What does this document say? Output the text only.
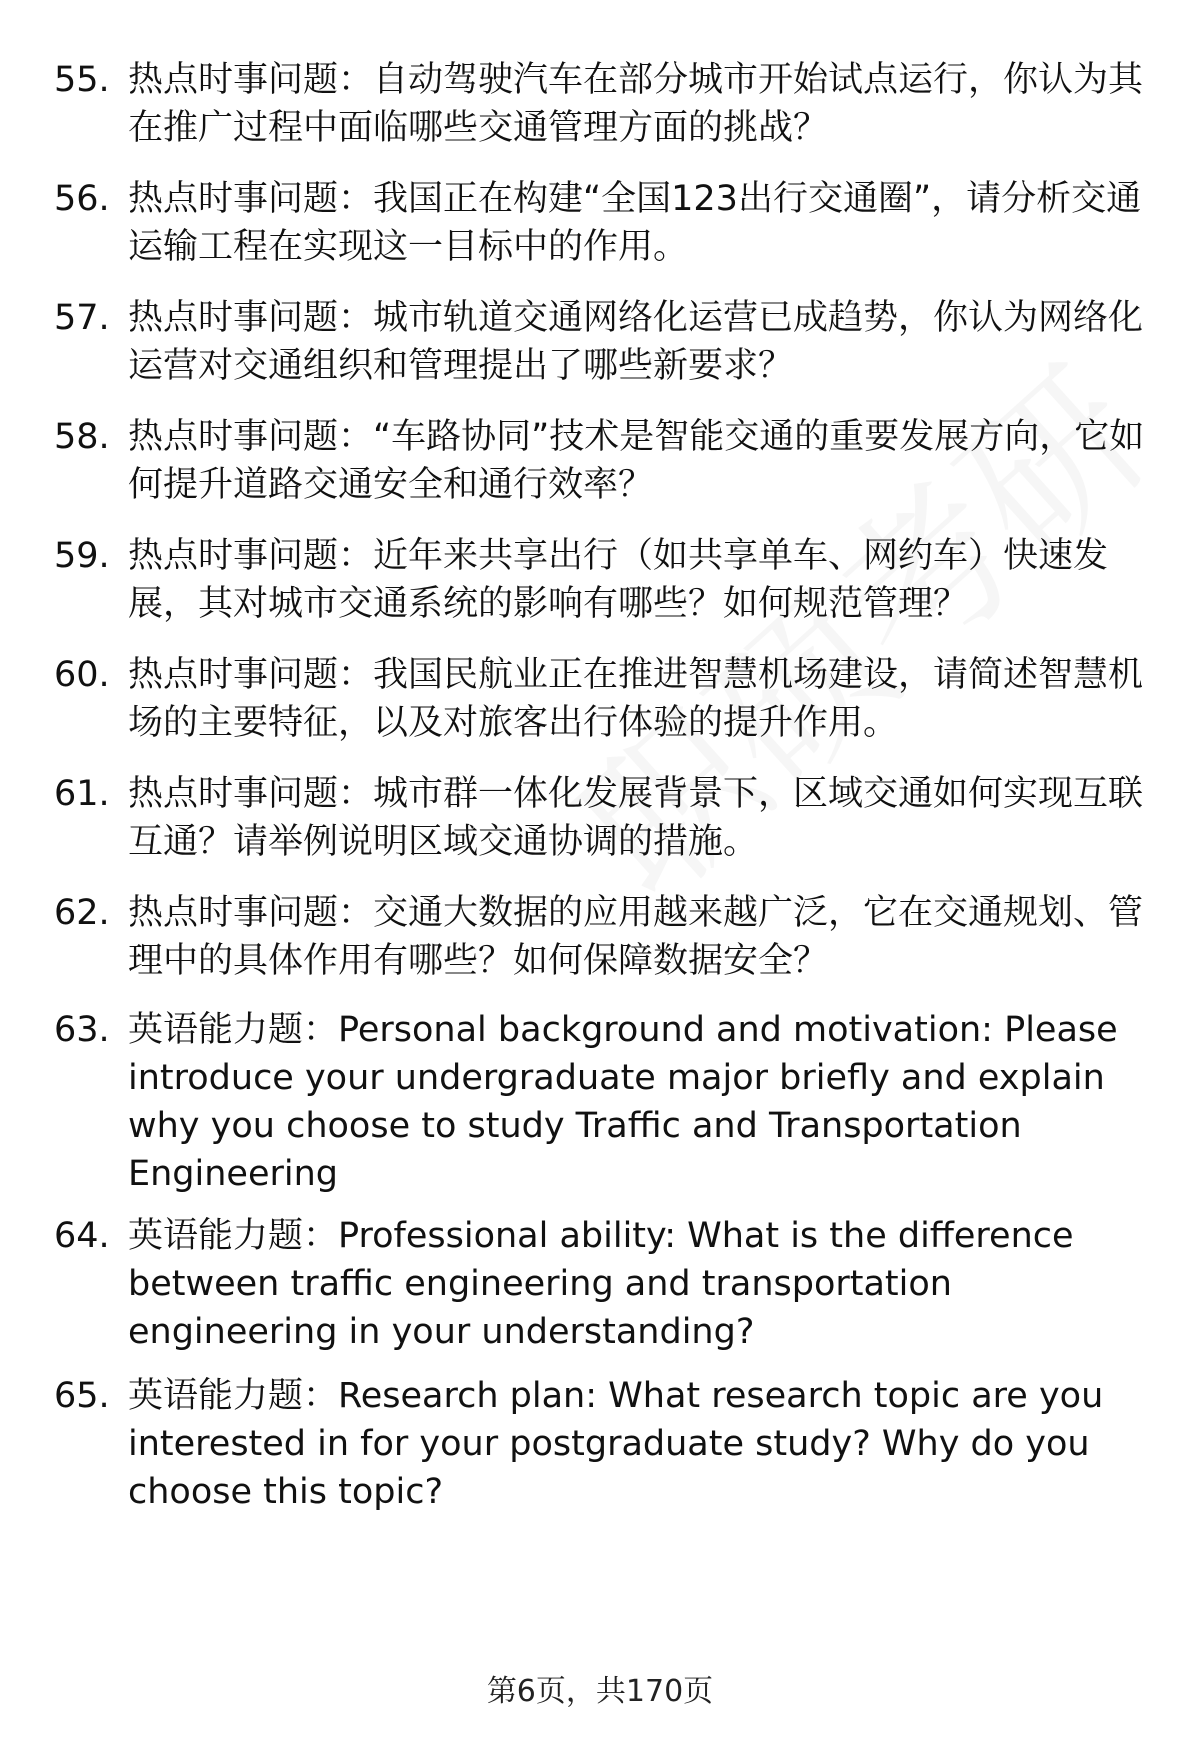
55. 热点时事问题：自动驾驶汽车在部分城市开始试点运行，你认为其在推广过程中面临哪些交通管理方面的挑战？
56. 热点时事问题：我国正在构建“全国123出行交通圈”，请分析交通运输工程在实现这一目标中的作用。
57. 热点时事问题：城市轨道交通网络化运营已成趋势，你认为网络化运营对交通组织和管理提出了哪些新要求？
58. 热点时事问题：“车路协同”技术是智能交通的重要发展方向，它如何提升道路交通安全和通行效率？
59. 热点时事问题：近年来共享出行（如共享单车、网约车）快速发展，其对城市交通系统的影响有哪些？如何规范管理？
60. 热点时事问题：我国民航业正在推进智慧机场建设，请简述智慧机场的主要特征，以及对旅客出行体验的提升作用。
61. 热点时事问题：城市群一体化发展背景下，区域交通如何实现互联互通？请举例说明区域交通协调的措施。
62. 热点时事问题：交通大数据的应用越来越广泛，它在交通规划、管理中的具体作用有哪些？如何保障数据安全？
63. 英语能力题：Personal background and motivation: Please introduce your undergraduate major briefly and explain why you choose to study Traffic and Transportation Engineering
64. 英语能力题：Professional ability: What is the difference between traffic engineering and transportation engineering in your understanding?
65. 英语能力题：Research plan: What research topic are you interested in for your postgraduate study? Why do you choose this topic?
第6页，共170页
